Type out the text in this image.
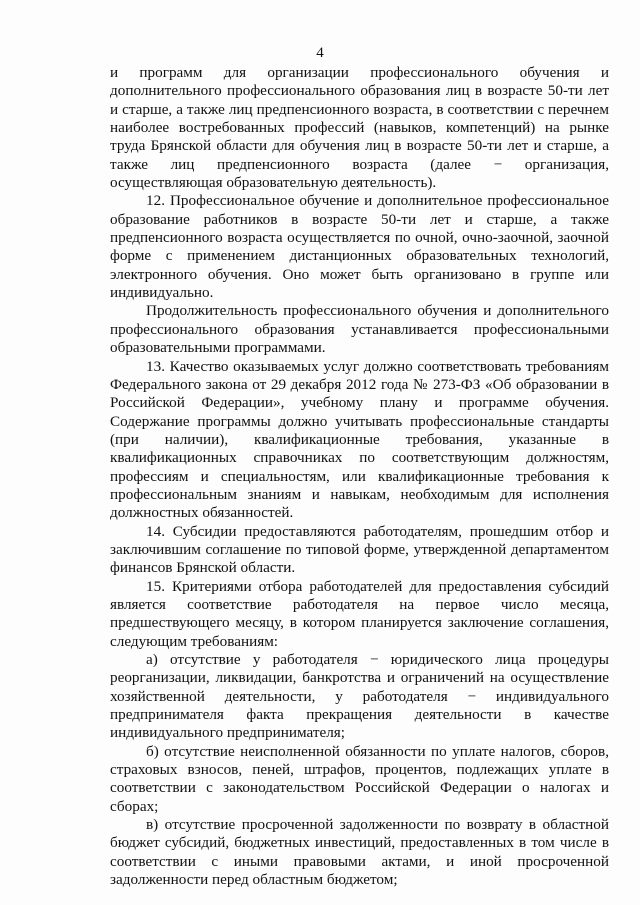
4

и программ для организации профессионального обучения и дополнительного профессионального образования лиц в возрасте 50-ти лет и старше, а также лиц предпенсионного возраста, в соответствии с перечнем наиболее востребованных профессий (навыков, компетенций) на рынке труда Брянской области для обучения лиц в возрасте 50-ти лет и старше, а также лиц предпенсионного возраста (далее − организация, осуществляющая образовательную деятельность).

12. Профессиональное обучение и дополнительное профессиональное образование работников в возрасте 50-ти лет и старше, а также предпенсионного возраста осуществляется по очной, очно-заочной, заочной форме с применением дистанционных образовательных технологий, электронного обучения. Оно может быть организовано в группе или индивидуально.

Продолжительность профессионального обучения и дополнительного профессионального образования устанавливается профессиональными образовательными программами.

13. Качество оказываемых услуг должно соответствовать требованиям Федерального закона от 29 декабря 2012 года № 273-ФЗ «Об образовании в Российской Федерации», учебному плану и программе обучения. Содержание программы должно учитывать профессиональные стандарты (при наличии), квалификационные требования, указанные в квалификационных справочниках по соответствующим должностям, профессиям и специальностям, или квалификационные требования к профессиональным знаниям и навыкам, необходимым для исполнения должностных обязанностей.

14. Субсидии предоставляются работодателям, прошедшим отбор и заключившим соглашение по типовой форме, утвержденной департаментом финансов Брянской области.

15. Критериями отбора работодателей для предоставления субсидий является соответствие работодателя на первое число месяца, предшествующего месяцу, в котором планируется заключение соглашения, следующим требованиям:

а) отсутствие у работодателя − юридического лица процедуры реорганизации, ликвидации, банкротства и ограничений на осуществление хозяйственной деятельности, у работодателя − индивидуального предпринимателя факта прекращения деятельности в качестве индивидуального предпринимателя;

б) отсутствие неисполненной обязанности по уплате налогов, сборов, страховых взносов, пеней, штрафов, процентов, подлежащих уплате в соответствии с законодательством Российской Федерации о налогах и сборах;

в) отсутствие просроченной задолженности по возврату в областной бюджет субсидий, бюджетных инвестиций, предоставленных в том числе в соответствии с иными правовыми актами, и иной просроченной задолженности перед областным бюджетом;
